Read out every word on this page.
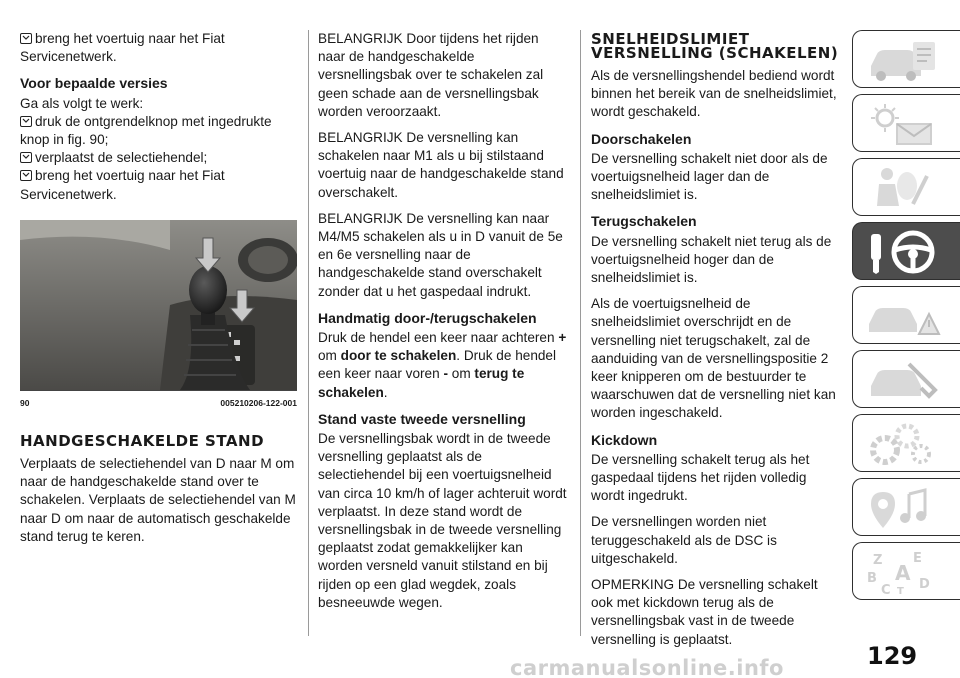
breng het voertuig naar het Fiat Servicenetwerk.

Voor bepaalde versies
Ga als volgt te werk:
druk de ontgrendelknop met ingedrukte knop in fig. 90;
verplaatst de selectiehendel;
breng het voertuig naar het Fiat Servicenetwerk.
90	005210206-122-001
HANDGESCHAKELDE STAND

Verplaats de selectiehendel van D naar M om naar de handgeschakelde stand over te schakelen. Verplaats de selectiehendel van M naar D om naar de automatisch geschakelde stand terug te keren.

BELANGRIJK Door tijdens het rijden naar de handgeschakelde versnellingsbak over te schakelen zal geen schade aan de versnellingsbak worden veroorzaakt.

BELANGRIJK De versnelling kan schakelen naar M1 als u bij stilstaand voertuig naar de handgeschakelde stand overschakelt.

BELANGRIJK De versnelling kan naar M4/M5 schakelen als u in D vanuit de 5e en 6e versnelling naar de handgeschakelde stand overschakelt zonder dat u het gaspedaal indrukt.

Handmatig door-/terugschakelen

Druk de hendel een keer naar achteren + om door te schakelen. Druk de hendel een keer naar voren - om terug te schakelen.

Stand vaste tweede versnelling

De versnellingsbak wordt in de tweede versnelling geplaatst als de selectiehendel bij een voertuigsnelheid van circa 10 km/h of lager achteruit wordt verplaatst. In deze stand wordt de versnellingsbak in de tweede versnelling geplaatst zodat gemakkelijker kan worden versneld vanuit stilstand en bij rijden op een glad wegdek, zoals besneeuwde wegen.

SNELHEIDSLIMIET VERSNELLING (SCHAKELEN)

Als de versnellingshendel bediend wordt binnen het bereik van de snelheidslimiet, wordt geschakeld.

Doorschakelen

De versnelling schakelt niet door als de voertuigsnelheid lager dan de snelheidslimiet is.

Terugschakelen

De versnelling schakelt niet terug als de voertuigsnelheid hoger dan de snelheidslimiet is.

Als de voertuigsnelheid de snelheidslimiet overschrijdt en de versnelling niet terugschakelt, zal de aanduiding van de versnellingspositie 2 keer knipperen om de bestuurder te waarschuwen dat de versnelling niet kan worden ingeschakeld.

Kickdown

De versnelling schakelt terug als het gaspedaal tijdens het rijden volledig wordt ingedrukt.

De versnellingen worden niet teruggeschakeld als de DSC is uitgeschakeld.

OPMERKING De versnelling schakelt ook met kickdown terug als de versnellingsbak vast in de tweede versnelling is geplaatst.

Z E
B A
C T D
129
carmanualsonline.info
